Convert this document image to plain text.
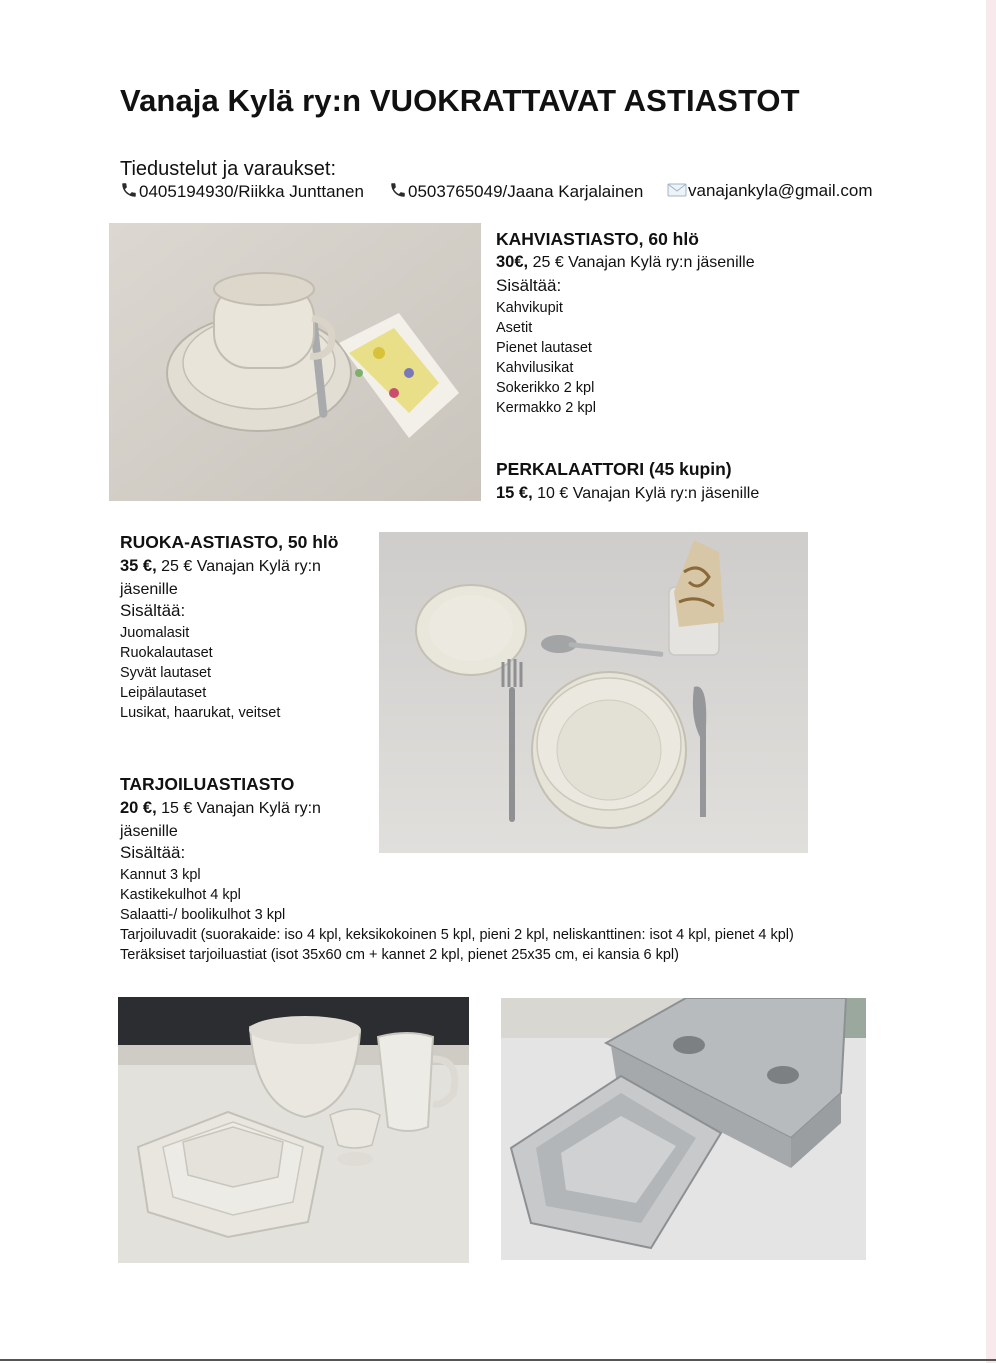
Vanaja Kylä ry:n VUOKRATTAVAT ASTIASTOT
Tiedustelut ja varaukset:
0405194930/Riikka Junttanen	0503765049/Jaana Karjalainen	vanajankyla@gmail.com
KAHVIASTIASTO, 60 hlö
30€, 25 € Vanajan Kylä ry:n jäsenille
Sisältää:
Kahvikupit
Asetit
Pienet lautaset
Kahvilusikat
Sokerikko 2 kpl
Kermakko 2 kpl
PERKALAATTORI (45 kupin)
15 €, 10 € Vanajan Kylä ry:n jäsenille
RUOKA-ASTIASTO, 50 hlö
35 €, 25 € Vanajan Kylä ry:n
jäsenille
Sisältää:
Juomalasit
Ruokalautaset
Syvät lautaset
Leipälautaset
Lusikat, haarukat, veitset
TARJOILUASTIASTO
20 €, 15 € Vanajan Kylä ry:n
jäsenille
Sisältää:
Kannut 3 kpl
Kastikekulhot 4 kpl
Salaatti-/ boolikulhot 3 kpl
Tarjoiluvadit (suorakaide: iso 4 kpl, keksikokoinen 5 kpl, pieni 2 kpl, neliskanttinen: isot 4 kpl, pienet 4 kpl)
Teräksiset tarjoiluastiat (isot 35x60 cm + kannet 2 kpl, pienet 25x35 cm, ei kansia 6 kpl)
